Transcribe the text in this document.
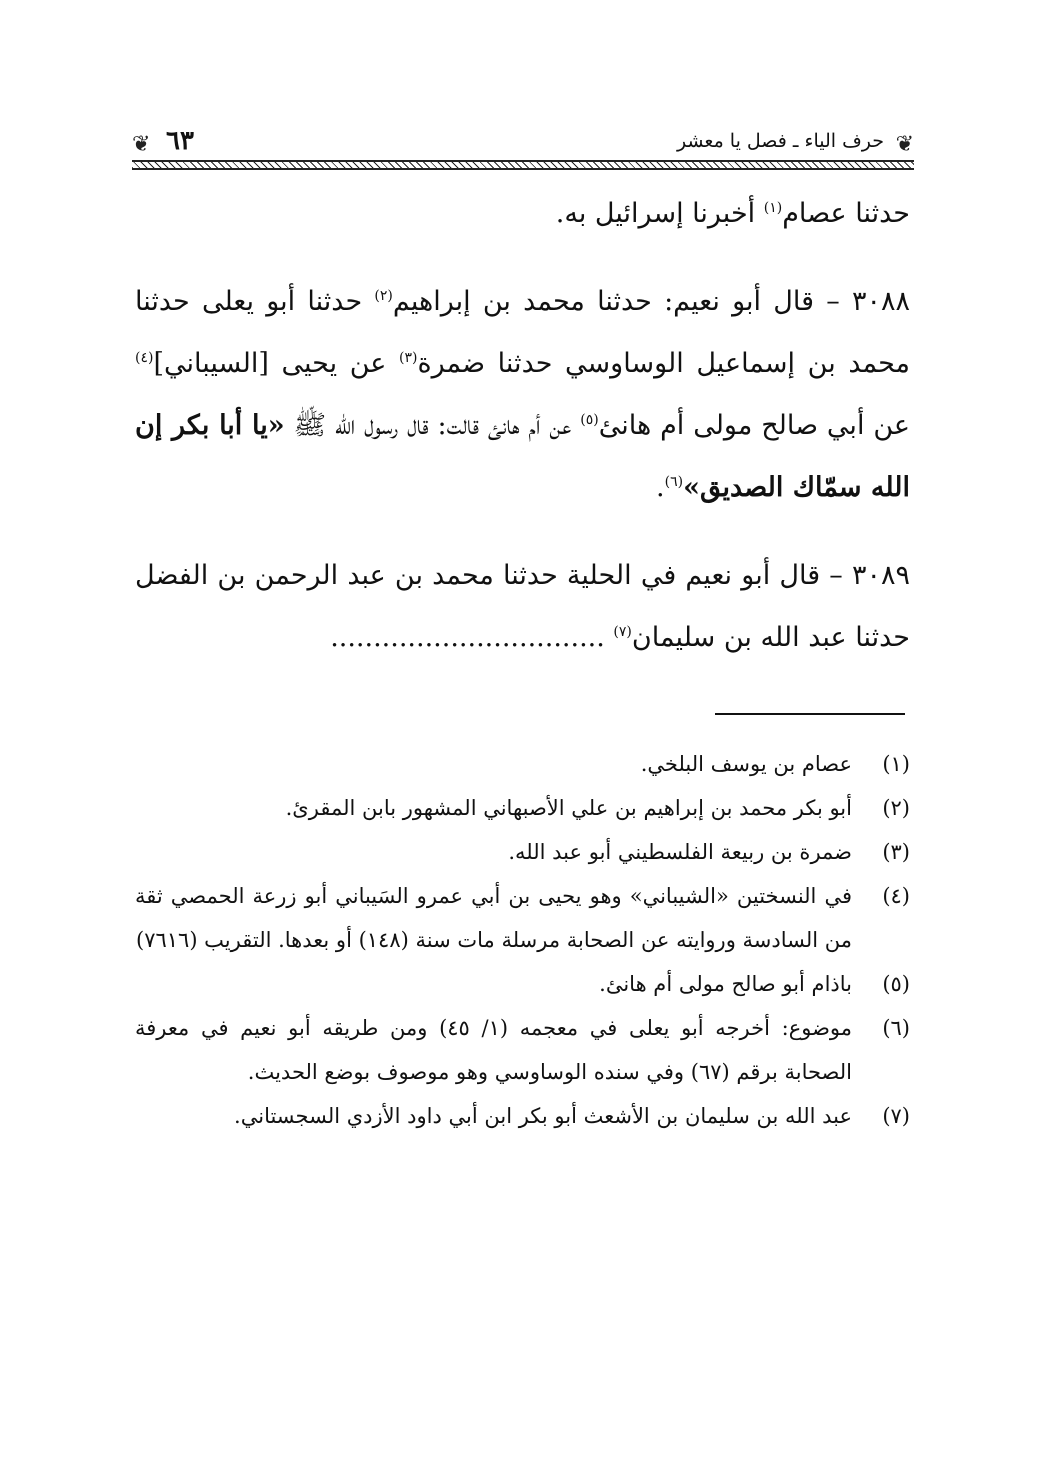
❦
حرف الياء ـ فصل يا معشر
٦٣
❦

حدثنا عصام$^{(١)}$ أخبرنا إسرائيل به.

٣٠٨٨ – قال أبو نعيم: حدثنا محمد بن إبراهيم$^{(٢)}$ حدثنا أبو يعلى حدثنا محمد بن إسماعيل الوساوسي حدثنا ضمرة$^{(٣)}$ عن يحيى [السيباني]$^{(٤)}$ عن أبي صالح مولى أم هانئ$^{(٥)}$ عن أم هانئ قالت: قال رسول الله ﷺ «يا أبا بكر إن الله سمّاك الصديق»$^{(٦)}$.

٣٠٨٩ – قال أبو نعيم في الحلية حدثنا محمد بن عبد الرحمن بن الفضل حدثنا عبد الله بن سليمان$^{(٧)}$ ................................

(١)
عصام بن يوسف البلخي.
(٢)
أبو بكر محمد بن إبراهيم بن علي الأصبهاني المشهور بابن المقرئ.
(٣)
ضمرة بن ربيعة الفلسطيني أبو عبد الله.
(٤)
في النسختين «الشيباني» وهو يحيى بن أبي عمرو السَيباني أبو زرعة الحمصي ثقة من السادسة وروايته عن الصحابة مرسلة مات سنة (١٤٨) أو بعدها. التقريب (٧٦١٦)
(٥)
باذام أبو صالح مولى أم هانئ.
(٦)
موضوع: أخرجه أبو يعلى في معجمه (١/ ٤٥) ومن طريقه أبو نعيم في معرفة الصحابة برقم (٦٧) وفي سنده الوساوسي وهو موصوف بوضع الحديث.
(٧)
عبد الله بن سليمان بن الأشعث أبو بكر ابن أبي داود الأزدي السجستاني.
